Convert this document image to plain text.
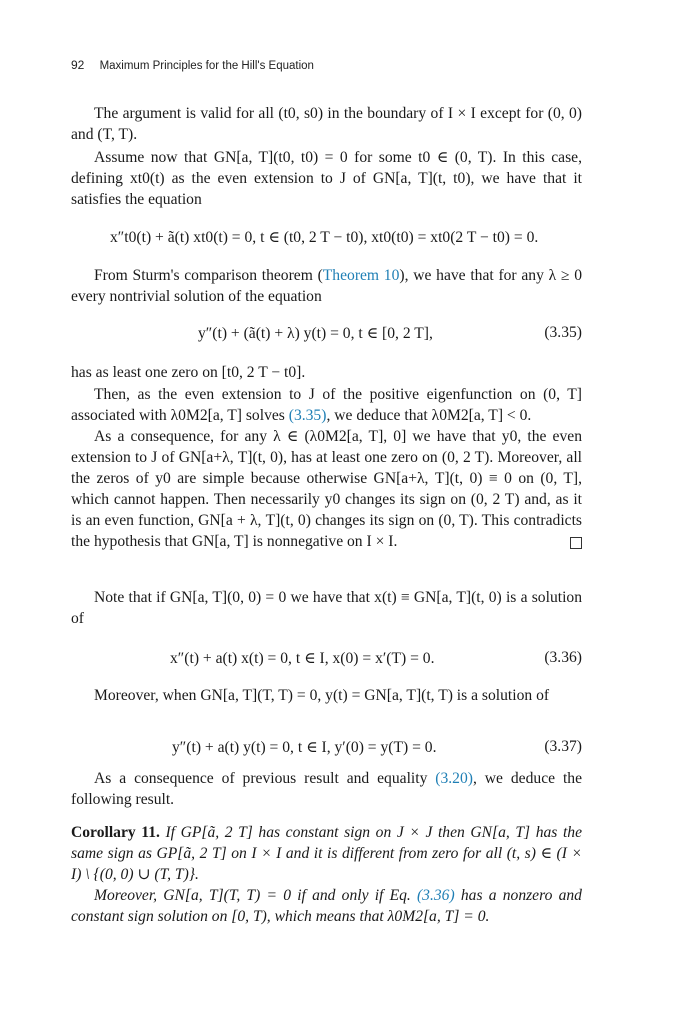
92 Maximum Principles for the Hill's Equation

The argument is valid for all (t0, s0) in the boundary of I × I except for (0, 0) and (T, T).

Assume now that GN[a, T](t0, t0) = 0 for some t0 ∈ (0, T). In this case, defining xt0(t) as the even extension to J of GN[a, T](t, t0), we have that it satisfies the equation

x″t0(t) + ã(t) xt0(t) = 0, t ∈ (t0, 2 T − t0), xt0(t0) = xt0(2 T − t0) = 0.

From Sturm's comparison theorem (Theorem 10), we have that for any λ ≥ 0 every nontrivial solution of the equation

y″(t) + (ã(t) + λ) y(t) = 0, t ∈ [0, 2 T],	(3.35)

has as least one zero on [t0, 2 T − t0].

Then, as the even extension to J of the positive eigenfunction on (0, T] associated with λ0M2[a, T] solves (3.35), we deduce that λ0M2[a, T] < 0.

As a consequence, for any λ ∈ (λ0M2[a, T], 0] we have that y0, the even extension to J of GN[a+λ, T](t, 0), has at least one zero on (0, 2 T). Moreover, all the zeros of y0 are simple because otherwise GN[a+λ, T](t, 0) ≡ 0 on (0, T], which cannot happen. Then necessarily y0 changes its sign on (0, 2 T) and, as it is an even function, GN[a + λ, T](t, 0) changes its sign on (0, T). This contradicts the hypothesis that GN[a, T] is nonnegative on I × I.

Note that if GN[a, T](0, 0) = 0 we have that x(t) ≡ GN[a, T](t, 0) is a solution of

x″(t) + a(t) x(t) = 0, t ∈ I, x(0) = x′(T) = 0.	(3.36)

Moreover, when GN[a, T](T, T) = 0, y(t) = GN[a, T](t, T) is a solution of

y″(t) + a(t) y(t) = 0, t ∈ I, y′(0) = y(T) = 0.	(3.37)

As a consequence of previous result and equality (3.20), we deduce the following result.

Corollary 11. If GP[ã, 2 T] has constant sign on J × J then GN[a, T] has the same sign as GP[ã, 2 T] on I × I and it is different from zero for all (t, s) ∈ (I × I) \ {(0, 0) ∪ (T, T)}.

Moreover, GN[a, T](T, T) = 0 if and only if Eq. (3.36) has a nonzero and constant sign solution on [0, T), which means that λ0M2[a, T] = 0.
